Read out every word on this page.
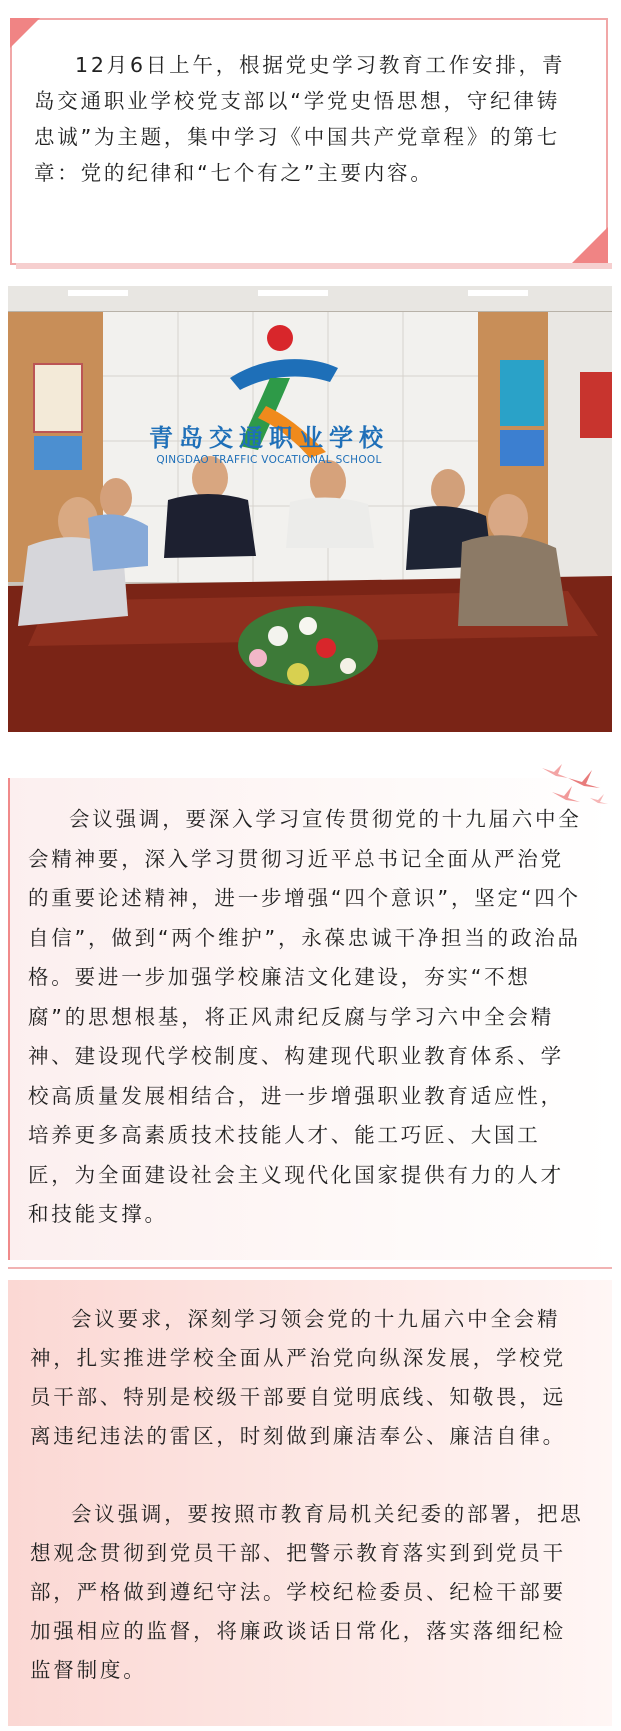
12月6日上午，根据党史学习教育工作安排，青岛交通职业学校党支部以“学党史悟思想，守纪律铸忠诚”为主题，集中学习《中国共产党章程》的第七章：党的纪律和“七个有之”主要内容。

青岛交通职业学校
QINGDAO TRAFFIC VOCATIONAL SCHOOL

会议强调，要深入学习宣传贯彻党的十九届六中全会精神要，深入学习贯彻习近平总书记全面从严治党的重要论述精神，进一步增强“四个意识”，坚定“四个自信”，做到“两个维护”，永葆忠诚干净担当的政治品格。要进一步加强学校廉洁文化建设，夯实“不想腐”的思想根基，将正风肃纪反腐与学习六中全会精神、建设现代学校制度、构建现代职业教育体系、学校高质量发展相结合，进一步增强职业教育适应性，培养更多高素质技术技能人才、能工巧匠、大国工匠，为全面建设社会主义现代化国家提供有力的人才和技能支撑。

会议要求，深刻学习领会党的十九届六中全会精神，扎实推进学校全面从严治党向纵深发展，学校党员干部、特别是校级干部要自觉明底线、知敬畏，远离违纪违法的雷区，时刻做到廉洁奉公、廉洁自律。

会议强调，要按照市教育局机关纪委的部署，把思想观念贯彻到党员干部、把警示教育落实到到党员干部，严格做到遵纪守法。学校纪检委员、纪检干部要加强相应的监督，将廉政谈话日常化，落实落细纪检监督制度。
